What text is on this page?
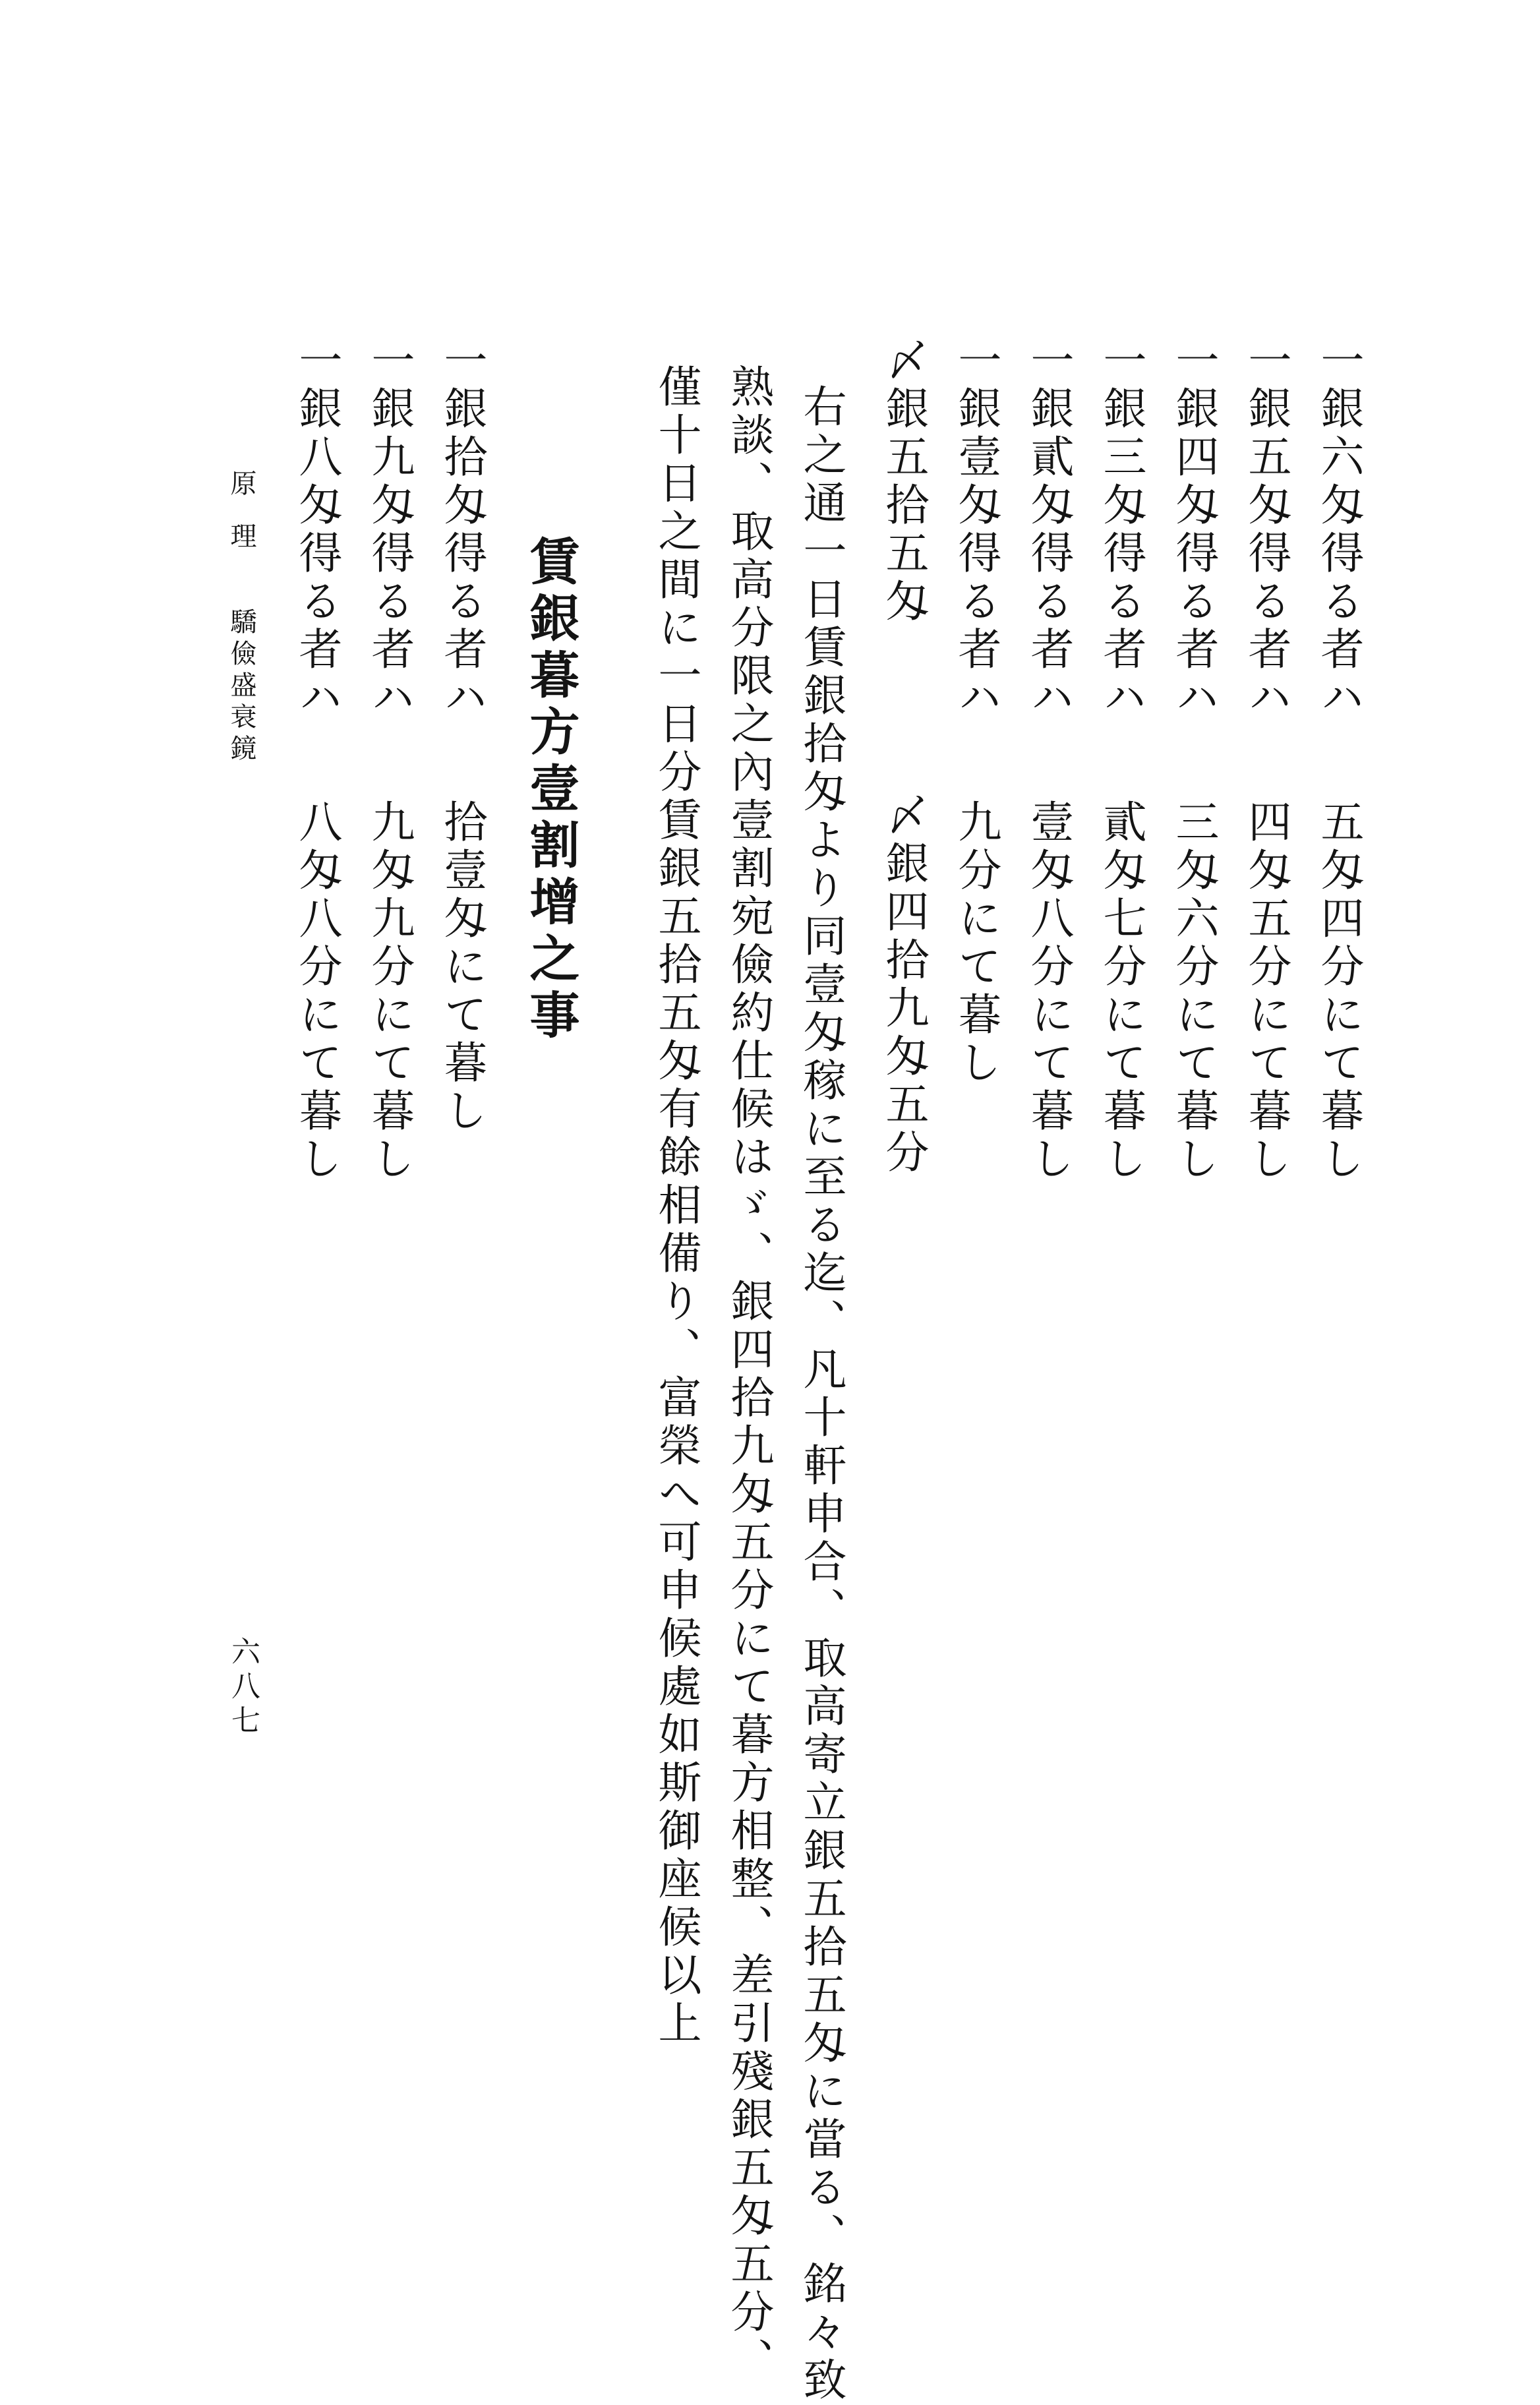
一銀六匁得る者ハ
五匁四分にて暮し
一銀五匁得る者ハ
四匁五分にて暮し
一銀四匁得る者ハ
三匁六分にて暮し
一銀三匁得る者ハ
貳匁七分にて暮し
一銀貳匁得る者ハ
壹匁八分にて暮し
一銀壹匁得る者ハ
九分にて暮し
〆銀五拾五匁
〆銀四拾九匁五分
右之通一日賃銀拾匁より同壹匁稼に至る迄、凡十軒申合、取高寄立銀五拾五匁に當る、銘々致
熟談、取高分限之內壹割宛儉約仕候はゞ、銀四拾九匁五分にて暮方相整、差引殘銀五匁五分、
僅十日之間に一日分賃銀五拾五匁有餘相備り、富榮へ可申候處如斯御座候以上
賃銀暮方壹割增之事
一銀拾匁得る者ハ
拾壹匁にて暮し
一銀九匁得る者ハ
九匁九分にて暮し
一銀八匁得る者ハ
八匁八分にて暮し
原理
驕儉盛衰鏡
六八七
